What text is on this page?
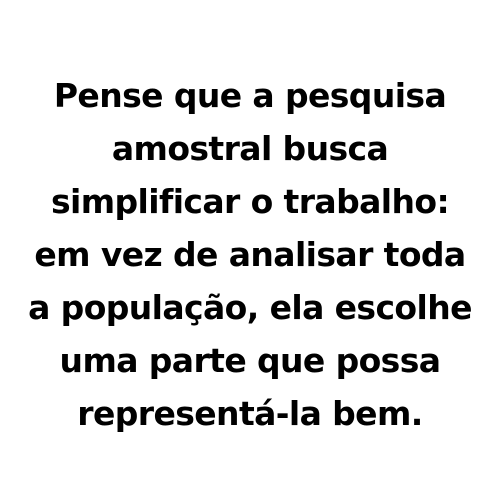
Pense que a pesquisa
amostral busca
simplificar o trabalho:
em vez de analisar toda
a população, ela escolhe
uma parte que possa
representá-la bem.
